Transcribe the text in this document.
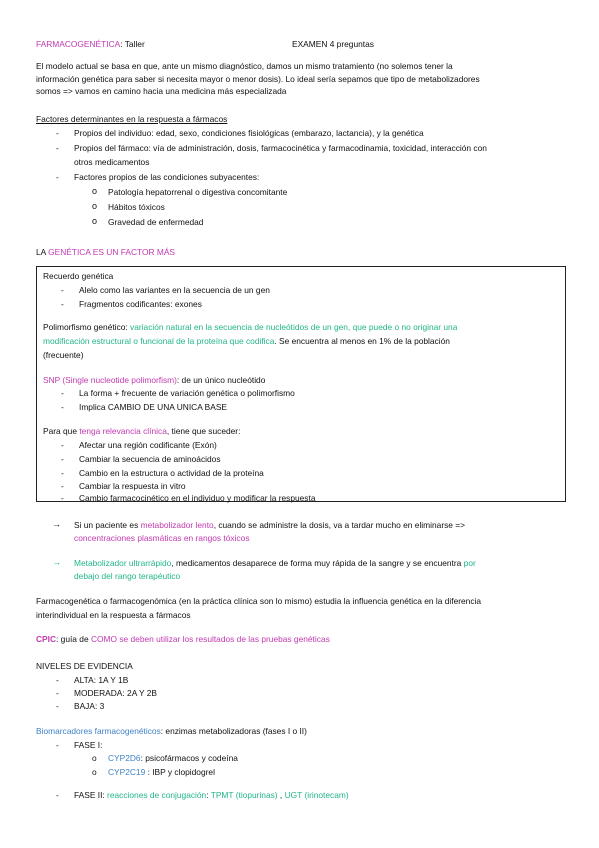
FARMACOGENÉTICA: Taller	EXAMEN 4 preguntas
El modelo actual se basa en que, ante un mismo diagnóstico, damos un mismo tratamiento (no solemos tener la
información genética para saber si necesita mayor o menor dosis). Lo ideal sería sepamos que tipo de metabolizadores
somos => vamos en camino hacia una medicina más especializada
Factores determinantes en la respuesta a fármacos
- Propios del individuo: edad, sexo, condiciones fisiológicas (embarazo, lactancia), y la genética
- Propios del fármaco: vía de administración, dosis, farmacocinética y farmacodinamia, toxicidad, interacción con
otros medicamentos
- Factores propios de las condiciones subyacentes:
o Patología hepatorrenal o digestiva concomitante
o Hábitos tóxicos
o Gravedad de enfermedad
LA GENÉTICA ES UN FACTOR MÁS
Recuerdo genética
- Alelo como las variantes en la secuencia de un gen
- Fragmentos codificantes: exones
Polimorfismo genético: variación natural en la secuencia de nucleótidos de un gen, que puede o no originar una
modificación estructural o funcional de la proteína que codifica. Se encuentra al menos en 1% de la población
(frecuente)
SNP (Single nucleotide polimorfism): de un único nucleótido
- La forma + frecuente de variación genética o polimorfismo
- Implica CAMBIO DE UNA UNICA BASE
Para que tenga relevancia clínica, tiene que suceder:
- Afectar una región codificante (Exón)
- Cambiar la secuencia de aminoácidos
- Cambio en la estructura o actividad de la proteína
- Cambiar la respuesta in vitro
- Cambio farmacocinético en el individuo y modificar la respuesta
→ Si un paciente es metabolizador lento, cuando se administre la dosis, va a tardar mucho en eliminarse =>
concentraciones plasmáticas en rangos tóxicos
→ Metabolizador ultrarrápido, medicamentos desaparece de forma muy rápida de la sangre y se encuentra por
debajo del rango terapéutico
Farmacogenética o farmacogenómica (en la práctica clínica son lo mismo) estudia la influencia genética en la diferencia
interindividual en la respuesta a fármacos
CPIC: guía de COMO se deben utilizar los resultados de las pruebas genéticas
NIVELES DE EVIDENCIA
- ALTA: 1A Y 1B
- MODERADA: 2A Y 2B
- BAJA: 3
Biomarcadores farmacogenéticos: enzimas metabolizadoras (fases I o II)
- FASE I:
o CYP2D6: psicofármacos y codeína
o CYP2C19 : IBP y clopidogrel
- FASE II: reacciones de conjugación: TPMT (tiopurinas) , UGT (irinotecam)
